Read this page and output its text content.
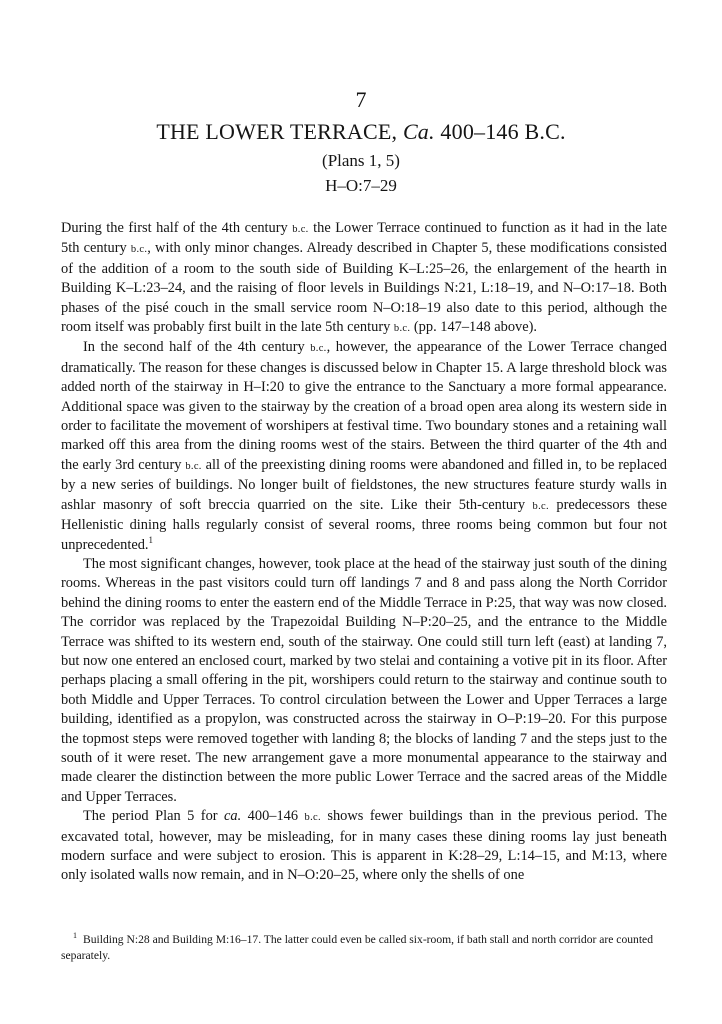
7
THE LOWER TERRACE, Ca. 400–146 B.C.
(Plans 1, 5)
H–O:7–29

During the first half of the 4th century b.c. the Lower Terrace continued to function as it had in the late 5th century b.c., with only minor changes. Already described in Chapter 5, these modifications consisted of the addition of a room to the south side of Building K–L:25–26, the enlargement of the hearth in Building K–L:23–24, and the raising of floor levels in Buildings N:21, L:18–19, and N–O:17–18. Both phases of the pisé couch in the small service room N–O:18–19 also date to this period, although the room itself was probably first built in the late 5th century b.c. (pp. 147–148 above).

In the second half of the 4th century b.c., however, the appearance of the Lower Terrace changed dramatically. The reason for these changes is discussed below in Chapter 15. A large threshold block was added north of the stairway in H–I:20 to give the entrance to the Sanctuary a more formal appearance. Additional space was given to the stairway by the creation of a broad open area along its western side in order to facilitate the movement of worshipers at festival time. Two boundary stones and a retaining wall marked off this area from the dining rooms west of the stairs. Between the third quarter of the 4th and the early 3rd century b.c. all of the preexisting dining rooms were abandoned and filled in, to be replaced by a new series of buildings. No longer built of fieldstones, the new structures feature sturdy walls in ashlar masonry of soft breccia quarried on the site. Like their 5th-century b.c. predecessors these Hellenistic dining halls regularly consist of several rooms, three rooms being common but four not unprecedented.$^1$

The most significant changes, however, took place at the head of the stairway just south of the dining rooms. Whereas in the past visitors could turn off landings 7 and 8 and pass along the North Corridor behind the dining rooms to enter the eastern end of the Middle Terrace in P:25, that way was now closed. The corridor was replaced by the Trapezoidal Building N–P:20–25, and the entrance to the Middle Terrace was shifted to its western end, south of the stairway. One could still turn left (east) at landing 7, but now one entered an enclosed court, marked by two stelai and containing a votive pit in its floor. After perhaps placing a small offering in the pit, worshipers could return to the stairway and continue south to both Middle and Upper Terraces. To control circulation between the Lower and Upper Terraces a large building, identified as a propylon, was constructed across the stairway in O–P:19–20. For this purpose the topmost steps were removed together with landing 8; the blocks of landing 7 and the steps just to the south of it were reset. The new arrangement gave a more monumental appearance to the stairway and made clearer the distinction between the more public Lower Terrace and the sacred areas of the Middle and Upper Terraces.

The period Plan 5 for ca. 400–146 b.c. shows fewer buildings than in the previous period. The excavated total, however, may be misleading, for in many cases these dining rooms lay just beneath modern surface and were subject to erosion. This is apparent in K:28–29, L:14–15, and M:13, where only isolated walls now remain, and in N–O:20–25, where only the shells of one

$^1$ Building N:28 and Building M:16–17. The latter could even be called six-room, if bath stall and north corridor are counted separately.
